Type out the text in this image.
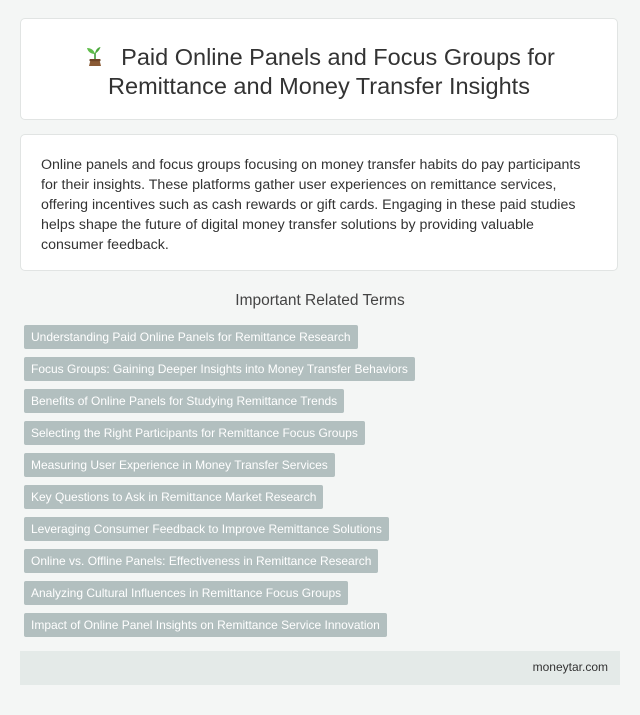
Paid Online Panels and Focus Groups for Remittance and Money Transfer Insights

Online panels and focus groups focusing on money transfer habits do pay participants for their insights. These platforms gather user experiences on remittance services, offering incentives such as cash rewards or gift cards. Engaging in these paid studies helps shape the future of digital money transfer solutions by providing valuable consumer feedback.

Important Related Terms
Understanding Paid Online Panels for Remittance Research
Focus Groups: Gaining Deeper Insights into Money Transfer Behaviors
Benefits of Online Panels for Studying Remittance Trends
Selecting the Right Participants for Remittance Focus Groups
Measuring User Experience in Money Transfer Services
Key Questions to Ask in Remittance Market Research
Leveraging Consumer Feedback to Improve Remittance Solutions
Online vs. Offline Panels: Effectiveness in Remittance Research
Analyzing Cultural Influences in Remittance Focus Groups
Impact of Online Panel Insights on Remittance Service Innovation
moneytar.com
